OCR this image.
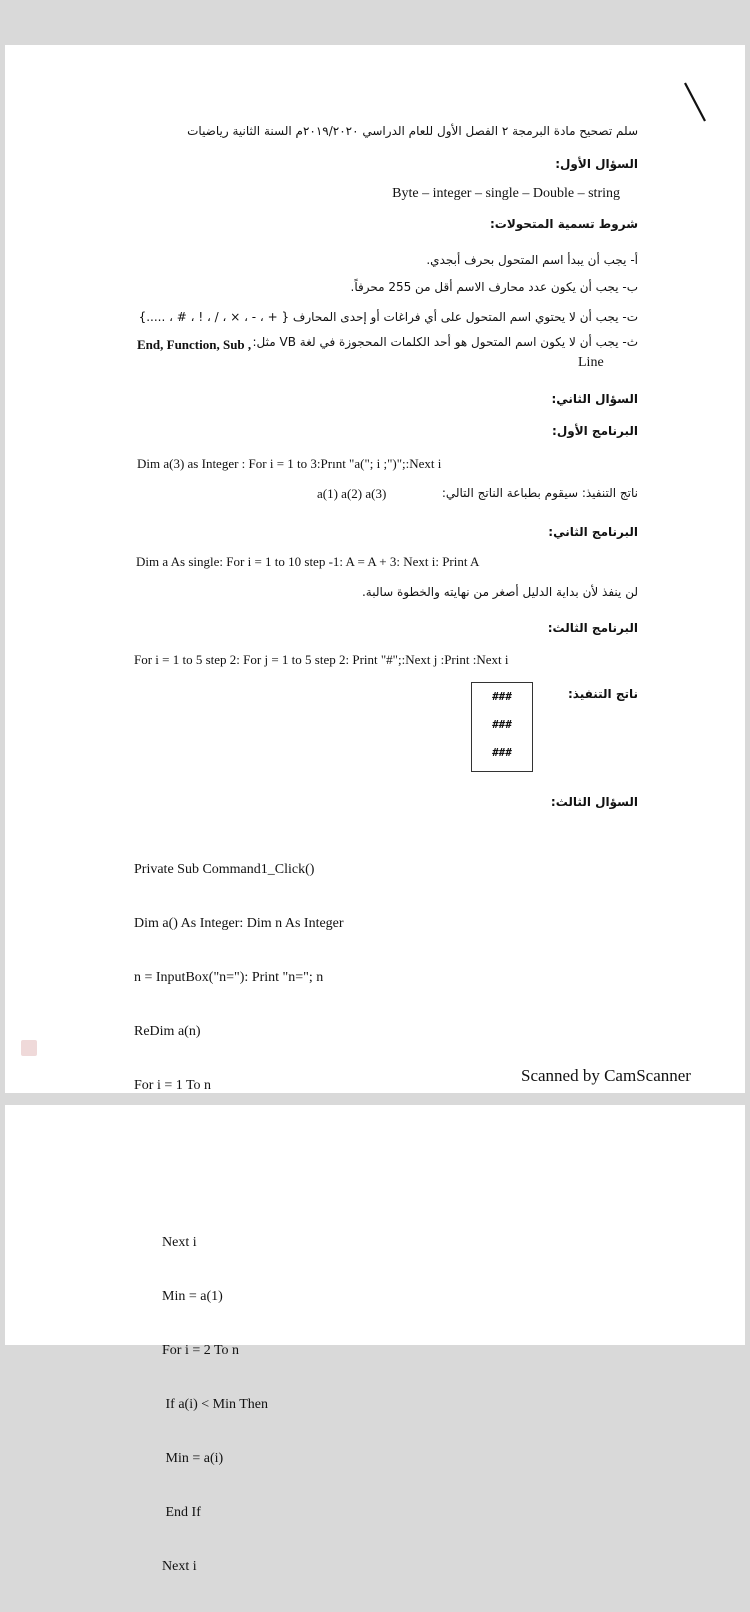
سلم تصحيح مادة البرمجة ٢ الفصل الأول للعام الدراسي ٢٠١٩/٢٠٢٠م السنة الثانية رياضيات
السؤال الأول:
Byte – integer – single – Double – string
شروط تسمية المتحولات:
أ- يجب أن يبدأ اسم المتحول بحرف أبجدي.
ب- يجب أن يكون عدد محارف الاسم أقل من 255 محرفاً.
ت- يجب أن لا يحتوي اسم المتحول على أي فراغات أو إحدى المحارف { + ، - ، × ، / ، ! ، # ، .....}
ث- يجب أن لا يكون اسم المتحول هو أحد الكلمات المحجوزة في لغة VB مثل:
End, Function, Sub ,
Line
السؤال الثاني:
البرنامج الأول:
Dim a(3) as Integer : For i = 1 to 3:Prınt "a("; i ;")";:Next i
ناتج التنفيذ: سيقوم بطباعة الناتج التالي:
a(1) a(2) a(3)
البرنامج الثاني:
Dim a As single: For i = 1 to 10 step -1: A = A + 3: Next i: Print A
لن ينفذ لأن بداية الدليل أصغر من نهايته والخطوة سالبة.
البرنامج الثالث:
For i = 1 to 5 step 2: For j = 1 to 5 step 2: Print "#";:Next j :Print :Next i
ناتج التنفيذ:
###
###
###
السؤال الثالث:

Private Sub Command1_Click()

Dim a() As Integer: Dim n As Integer

n = InputBox("n="): Print "n="; n

ReDim a(n)

For i = 1 To n

Scanned by CamScanner

Next i

Min = a(1)

For i = 2 To n

If a(i) < Min Then

Min = a(i)

End If

Next i
